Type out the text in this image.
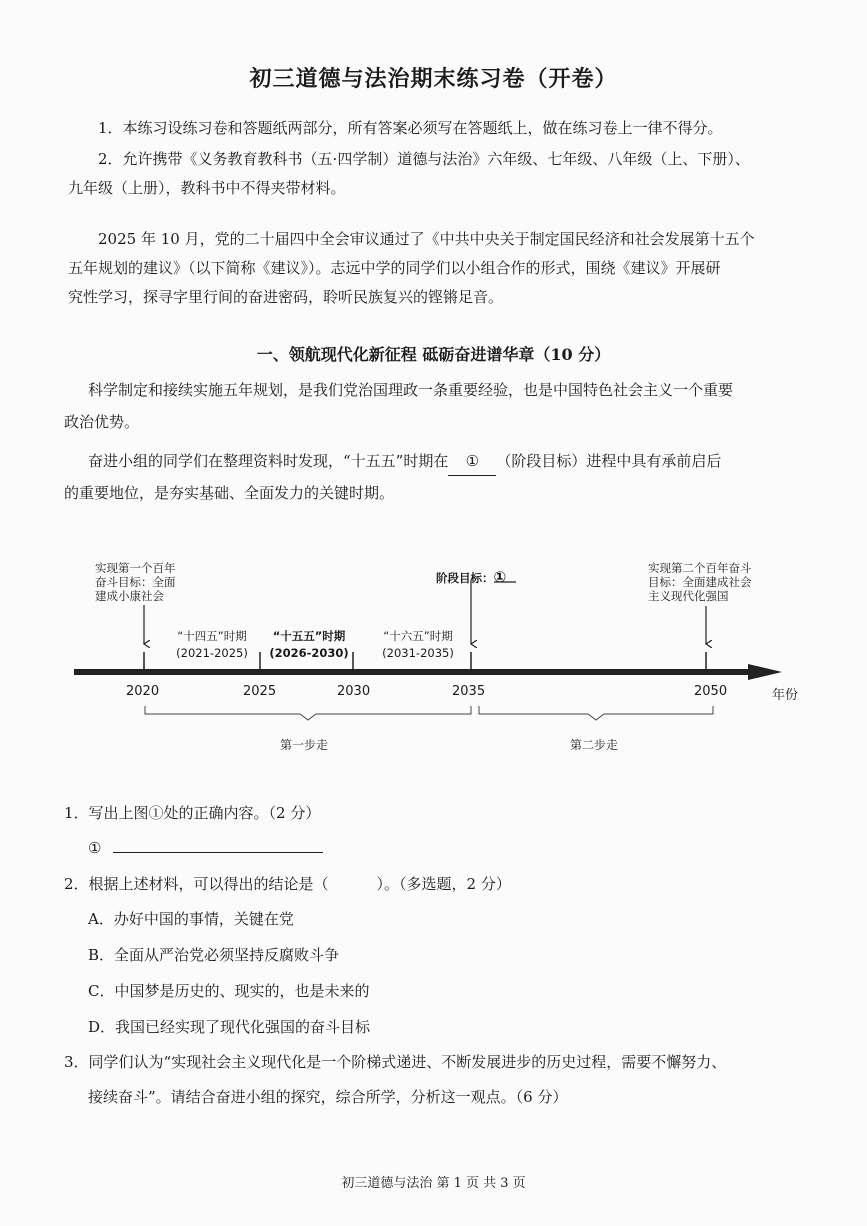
初三道德与法治期末练习卷（开卷）
1．本练习设练习卷和答题纸两部分，所有答案必须写在答题纸上，做在练习卷上一律不得分。
2．允许携带《义务教育教科书（五·四学制）道德与法治》六年级、七年级、八年级（上、下册）、
九年级（上册），教科书中不得夹带材料。
2025 年 10 月，党的二十届四中全会审议通过了《中共中央关于制定国民经济和社会发展第十五个
五年规划的建议》（以下简称《建议》）。志远中学的同学们以小组合作的形式，围绕《建议》开展研
究性学习，探寻字里行间的奋进密码，聆听民族复兴的铿锵足音。
一、领航现代化新征程 砥砺奋进谱华章（10 分）
科学制定和接续实施五年规划，是我们党治国理政一条重要经验，也是中国特色社会主义一个重要
政治优势。
奋进小组的同学们在整理资料时发现，“十五五”时期在 ① （阶段目标）进程中具有承前启后
的重要地位，是夯实基础、全面发力的关键时期。
实现第一个百年
奋斗目标：全面
建成小康社会
阶段目标：①	实现第二个百年奋斗
目标：全面建成社会
主义现代化强国
“十四五”时期
(2021-2025)
“十五五”时期
(2026-2030)
“十六五”时期
(2031-2035)
2020	2025	2030	2035	2050	年份
第一步走	第二步走
1．写出上图①处的正确内容。（2 分）
①
2．根据上述材料，可以得出的结论是（	）。（多选题，2 分）
A．办好中国的事情，关键在党
B．全面从严治党必须坚持反腐败斗争
C．中国梦是历史的、现实的，也是未来的
D．我国已经实现了现代化强国的奋斗目标
3．同学们认为“实现社会主义现代化是一个阶梯式递进、不断发展进步的历史过程，需要不懈努力、
接续奋斗”。请结合奋进小组的探究，综合所学，分析这一观点。（6 分）
初三道德与法治 第 1 页 共 3 页
